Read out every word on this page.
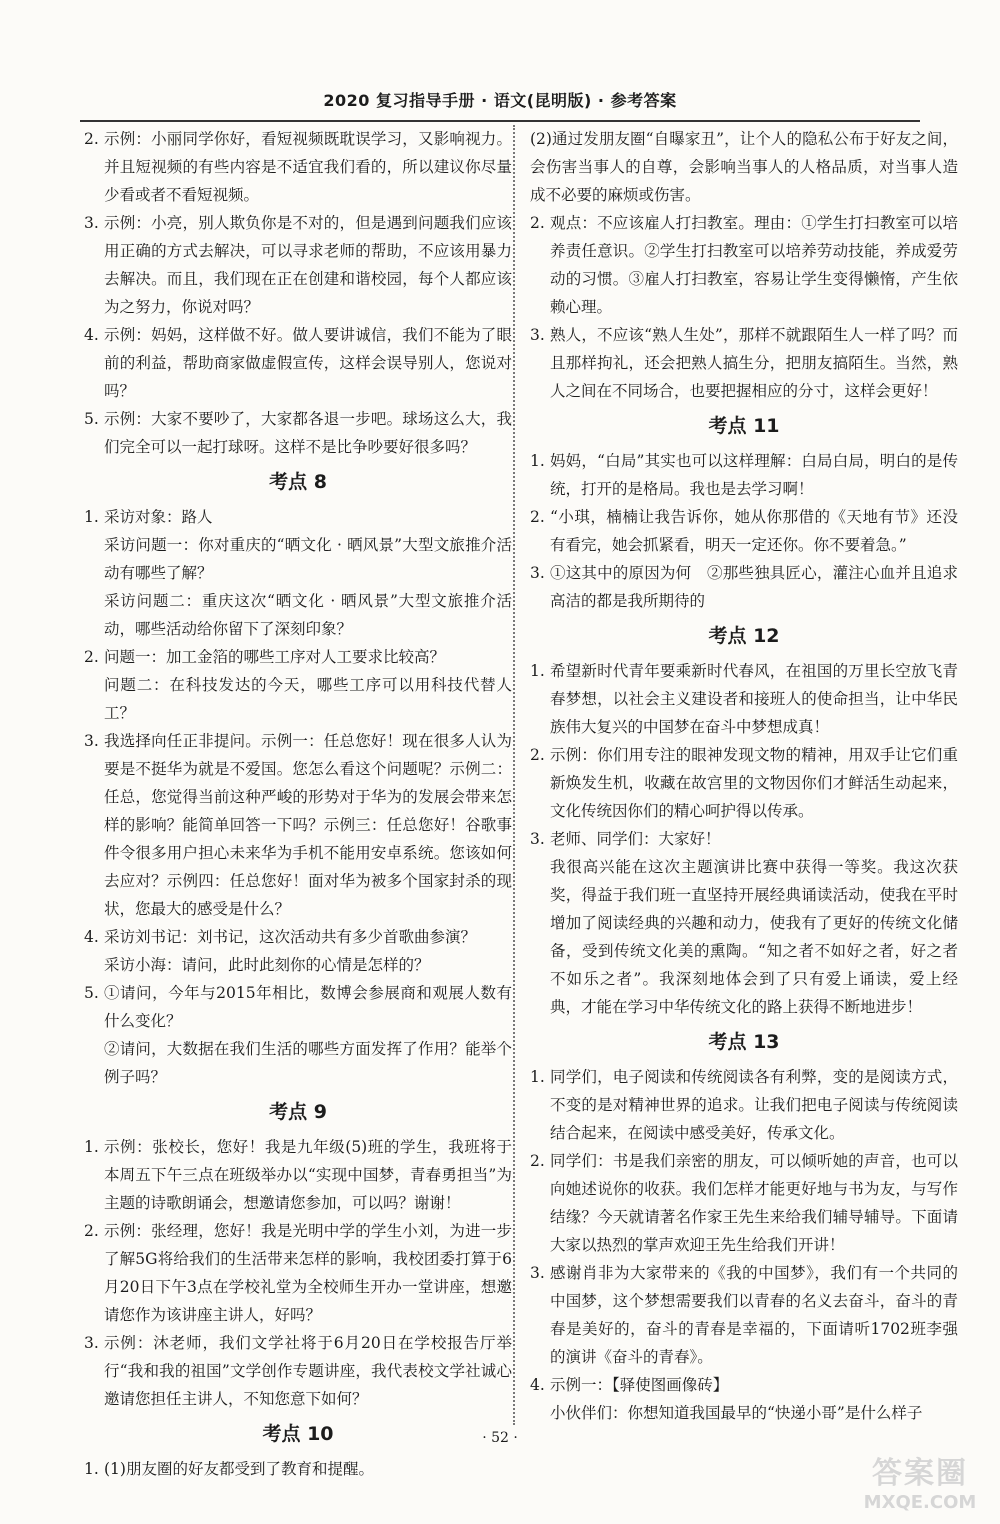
2020 复习指导手册 · 语文(昆明版) · 参考答案
2. 示例：小丽同学你好，看短视频既耽误学习，又影响视力。并且短视频的有些内容是不适宜我们看的，所以建议你尽量少看或者不看短视频。
3. 示例：小亮，别人欺负你是不对的，但是遇到问题我们应该用正确的方式去解决，可以寻求老师的帮助，不应该用暴力去解决。而且，我们现在正在创建和谐校园，每个人都应该为之努力，你说对吗？
4. 示例：妈妈，这样做不好。做人要讲诚信，我们不能为了眼前的利益，帮助商家做虚假宣传，这样会误导别人，您说对吗？
5. 示例：大家不要吵了，大家都各退一步吧。球场这么大，我们完全可以一起打球呀。这样不是比争吵要好很多吗？
考点 8
1. 采访对象：路人
采访问题一：你对重庆的“晒文化 · 晒风景”大型文旅推介活动有哪些了解？
采访问题二：重庆这次“晒文化 · 晒风景”大型文旅推介活动，哪些活动给你留下了深刻印象？
2. 问题一：加工金箔的哪些工序对人工要求比较高？
问题二：在科技发达的今天，哪些工序可以用科技代替人工？
3. 我选择向任正非提问。示例一：任总您好！现在很多人认为要是不挺华为就是不爱国。您怎么看这个问题呢？示例二：任总，您觉得当前这种严峻的形势对于华为的发展会带来怎样的影响？能简单回答一下吗？示例三：任总您好！谷歌事件令很多用户担心未来华为手机不能用安卓系统。您该如何去应对？示例四：任总您好！面对华为被多个国家封杀的现状，您最大的感受是什么？
4. 采访刘书记：刘书记，这次活动共有多少首歌曲参演？
采访小海：请问，此时此刻你的心情是怎样的？
5. ①请问，今年与2015年相比，数博会参展商和观展人数有什么变化？
②请问，大数据在我们生活的哪些方面发挥了作用？能举个例子吗？
考点 9
1. 示例：张校长，您好！我是九年级(5)班的学生，我班将于本周五下午三点在班级举办以“实现中国梦，青春勇担当”为主题的诗歌朗诵会，想邀请您参加，可以吗？谢谢！
2. 示例：张经理，您好！我是光明中学的学生小刘，为进一步了解5G将给我们的生活带来怎样的影响，我校团委打算于6月20日下午3点在学校礼堂为全校师生开办一堂讲座，想邀请您作为该讲座主讲人，好吗？
3. 示例：沐老师，我们文学社将于6月20日在学校报告厅举行“我和我的祖国”文学创作专题讲座，我代表校文学社诚心邀请您担任主讲人，不知您意下如何？
考点 10
1. (1)朋友圈的好友都受到了教育和提醒。
(2)通过发朋友圈“自曝家丑”，让个人的隐私公布于好友之间，会伤害当事人的自尊，会影响当事人的人格品质，对当事人造成不必要的麻烦或伤害。
2. 观点：不应该雇人打扫教室。理由：①学生打扫教室可以培养责任意识。②学生打扫教室可以培养劳动技能，养成爱劳动的习惯。③雇人打扫教室，容易让学生变得懒惰，产生依赖心理。
3. 熟人，不应该“熟人生处”，那样不就跟陌生人一样了吗？而且那样拘礼，还会把熟人搞生分，把朋友搞陌生。当然，熟人之间在不同场合，也要把握相应的分寸，这样会更好！
考点 11
1. 妈妈，“白局”其实也可以这样理解：白局白局，明白的是传统，打开的是格局。我也是去学习啊！
2. “小琪，楠楠让我告诉你，她从你那借的《天地有节》还没有看完，她会抓紧看，明天一定还你。你不要着急。”
3. ①这其中的原因为何　②那些独具匠心，灌注心血并且追求高洁的都是我所期待的
考点 12
1. 希望新时代青年要乘新时代春风，在祖国的万里长空放飞青春梦想，以社会主义建设者和接班人的使命担当，让中华民族伟大复兴的中国梦在奋斗中梦想成真！
2. 示例：你们用专注的眼神发现文物的精神，用双手让它们重新焕发生机，收藏在故宫里的文物因你们才鲜活生动起来，文化传统因你们的精心呵护得以传承。
3. 老师、同学们：大家好！
我很高兴能在这次主题演讲比赛中获得一等奖。我这次获奖，得益于我们班一直坚持开展经典诵读活动，使我在平时增加了阅读经典的兴趣和动力，使我有了更好的传统文化储备，受到传统文化美的熏陶。“知之者不如好之者，好之者不如乐之者”。我深刻地体会到了只有爱上诵读，爱上经典，才能在学习中华传统文化的路上获得不断地进步！
考点 13
1. 同学们，电子阅读和传统阅读各有利弊，变的是阅读方式，不变的是对精神世界的追求。让我们把电子阅读与传统阅读结合起来，在阅读中感受美好，传承文化。
2. 同学们：书是我们亲密的朋友，可以倾听她的声音，也可以向她述说你的收获。我们怎样才能更好地与书为友，与写作结缘？今天就请著名作家王先生来给我们辅导辅导。下面请大家以热烈的掌声欢迎王先生给我们开讲！
3. 感谢肖非为大家带来的《我的中国梦》，我们有一个共同的中国梦，这个梦想需要我们以青春的名义去奋斗，奋斗的青春是美好的，奋斗的青春是幸福的，下面请听1702班李强的演讲《奋斗的青春》。
4. 示例一：【驿使图画像砖】
小伙伴们：你想知道我国最早的“快递小哥”是什么样子
· 52 ·
答案圈
MXQE.COM
